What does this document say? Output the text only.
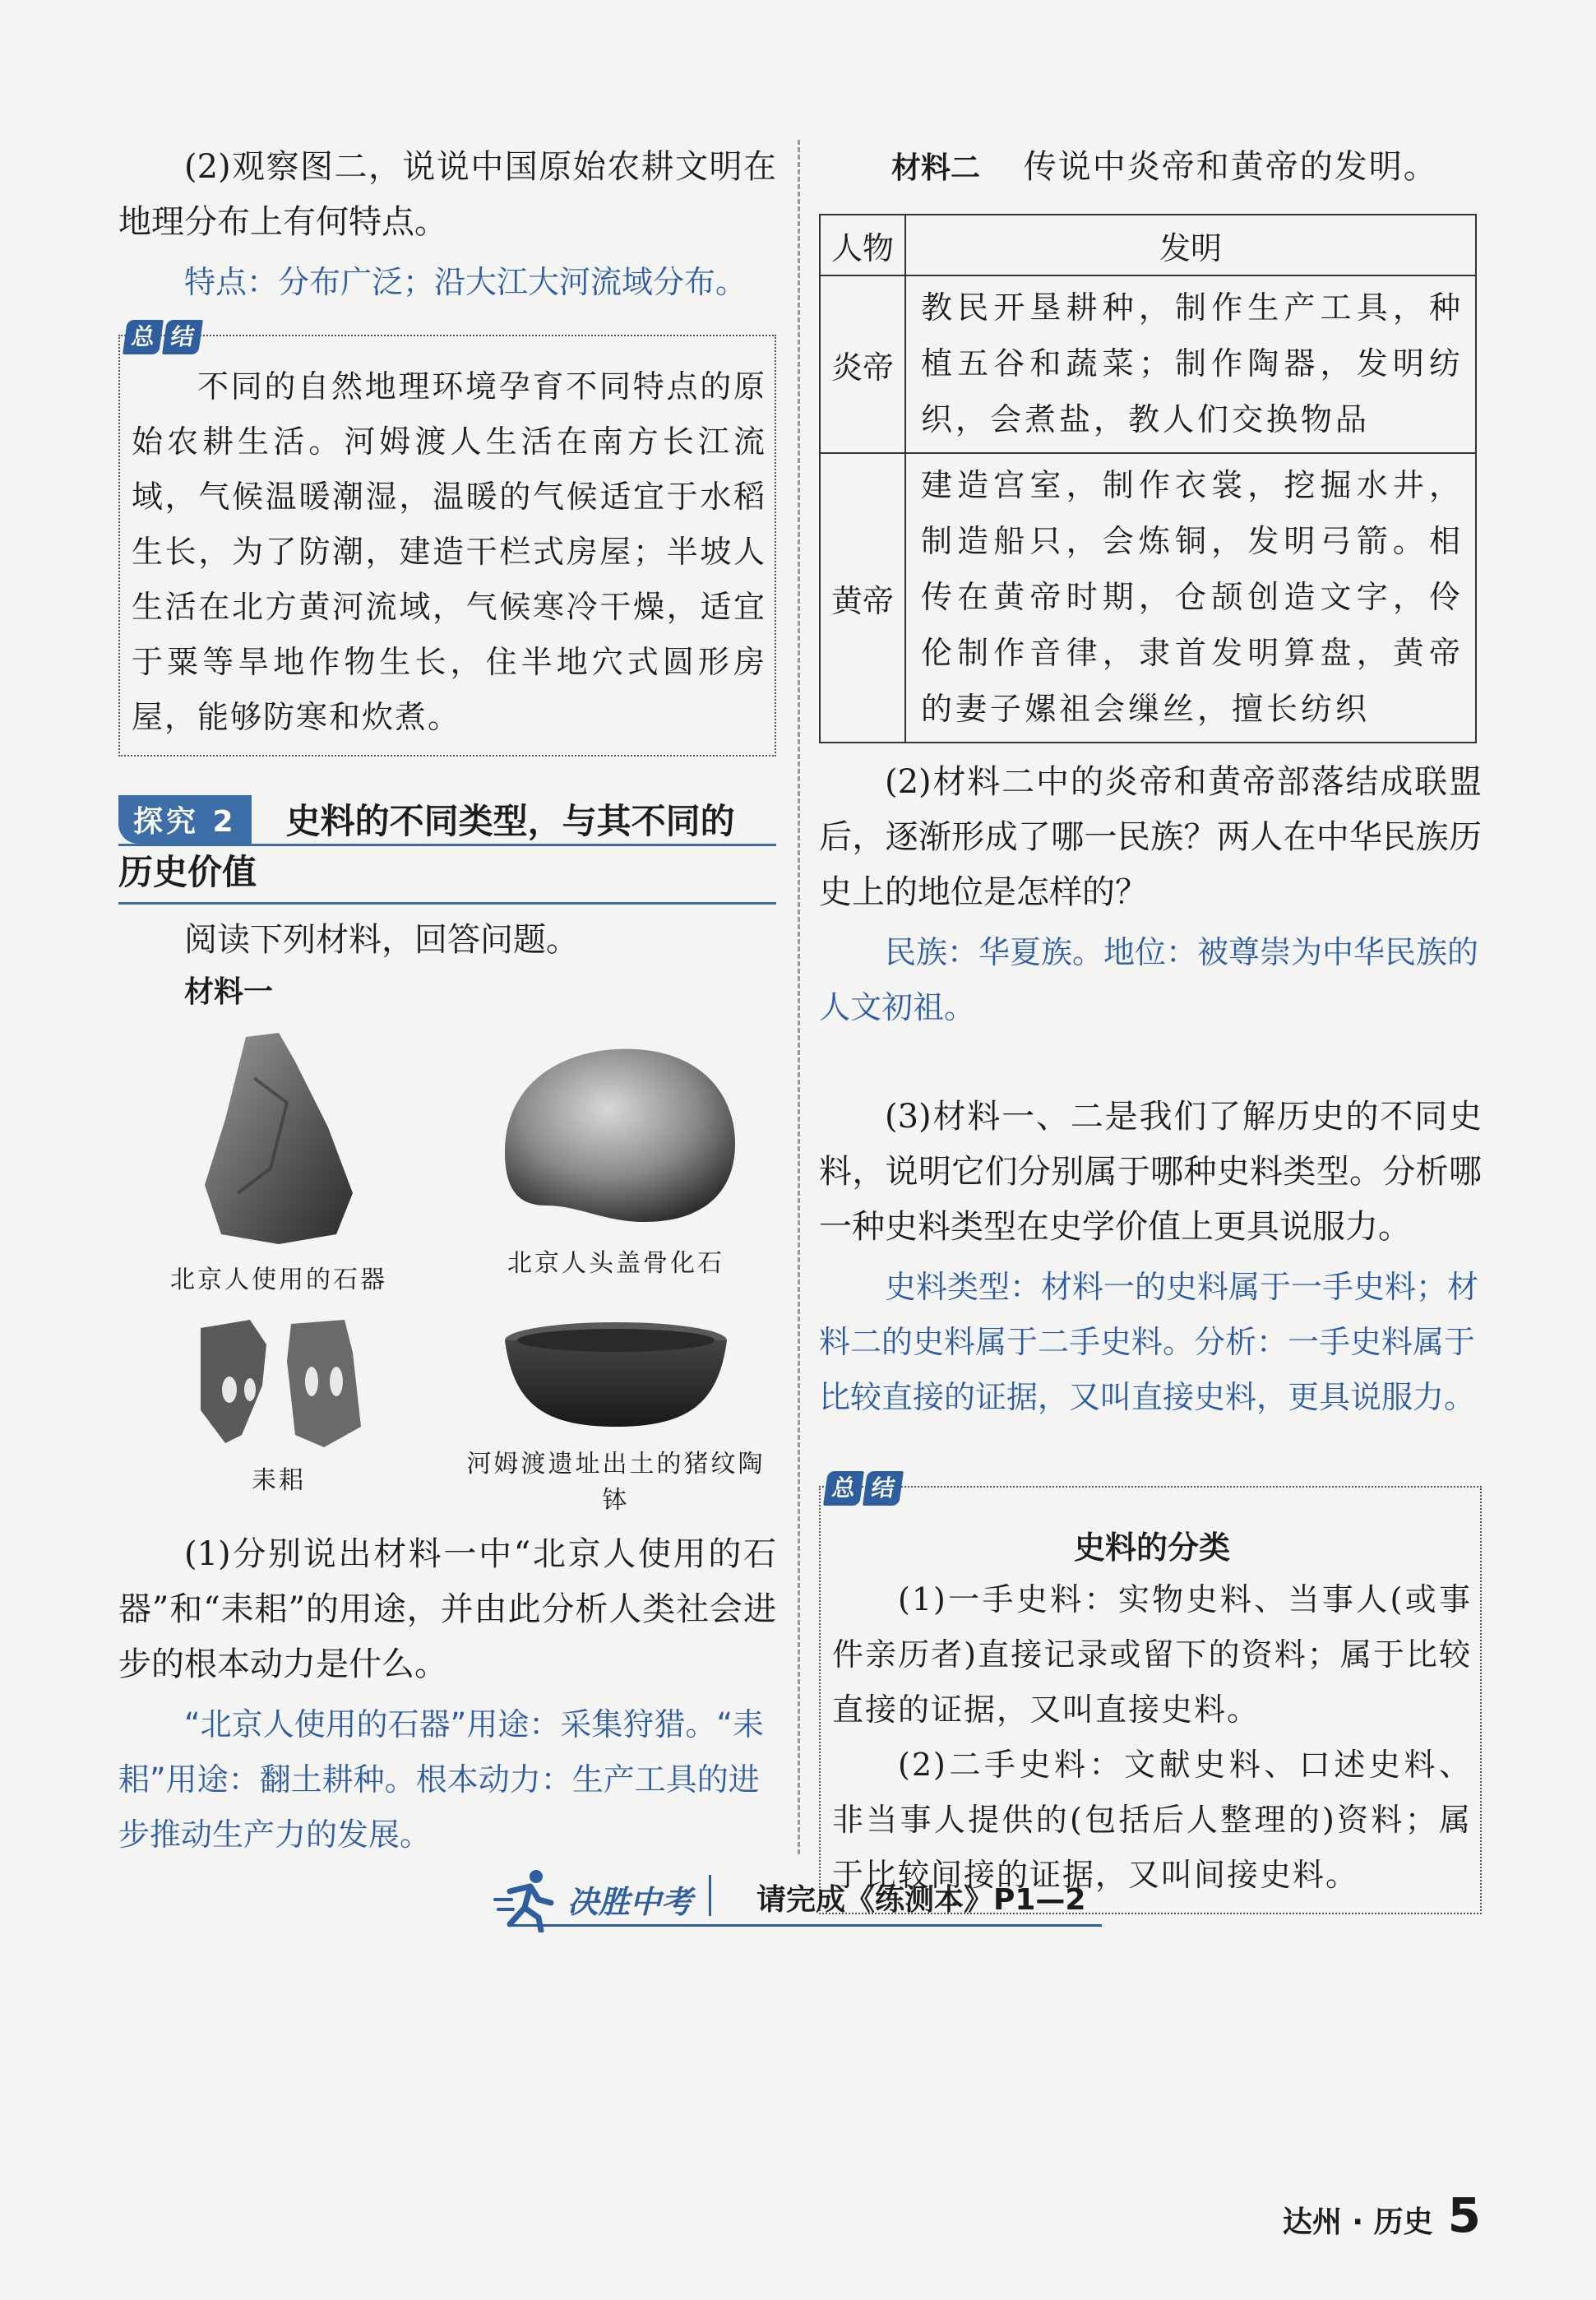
(2)观察图二，说说中国原始农耕文明在地理分布上有何特点。

特点：分布广泛；沿大江大河流域分布。

总 结

不同的自然地理环境孕育不同特点的原始农耕生活。河姆渡人生活在南方长江流域，气候温暖潮湿，温暖的气候适宜于水稻生长，为了防潮，建造干栏式房屋；半坡人生活在北方黄河流域，气候寒冷干燥，适宜于粟等旱地作物生长，住半地穴式圆形房屋，能够防寒和炊煮。

探究 2	史料的不同类型，与其不同的

历史价值

阅读下列材料，回答问题。

材料一

北京人使用的石器

北京人头盖骨化石

耒耜

河姆渡遗址出土的猪纹陶钵

(1)分别说出材料一中“北京人使用的石器”和“耒耜”的用途，并由此分析人类社会进步的根本动力是什么。

“北京人使用的石器”用途：采集狩猎。“耒耜”用途：翻土耕种。根本动力：生产工具的进步推动生产力的发展。

材料二 传说中炎帝和黄帝的发明。

人物	发明
炎帝	教民开垦耕种，制作生产工具，种植五谷和蔬菜；制作陶器，发明纺织，会煮盐，教人们交换物品
黄帝	建造宫室，制作衣裳，挖掘水井，制造船只，会炼铜，发明弓箭。相传在黄帝时期，仓颉创造文字，伶伦制作音律，隶首发明算盘，黄帝的妻子嫘祖会缫丝，擅长纺织

(2)材料二中的炎帝和黄帝部落结成联盟后，逐渐形成了哪一民族？两人在中华民族历史上的地位是怎样的？

民族：华夏族。地位：被尊崇为中华民族的人文初祖。

(3)材料一、二是我们了解历史的不同史料，说明它们分别属于哪种史料类型。分析哪一种史料类型在史学价值上更具说服力。

史料类型：材料一的史料属于一手史料；材料二的史料属于二手史料。分析：一手史料属于比较直接的证据，又叫直接史料，更具说服力。

总 结

史料的分类

(1)一手史料：实物史料、当事人(或事件亲历者)直接记录或留下的资料；属于比较直接的证据，又叫直接史料。

(2)二手史料：文献史料、口述史料、非当事人提供的(包括后人整理的)资料；属于比较间接的证据，又叫间接史料。

决胜中考 请完成《练测本》P1—2
达州 · 历史 5
